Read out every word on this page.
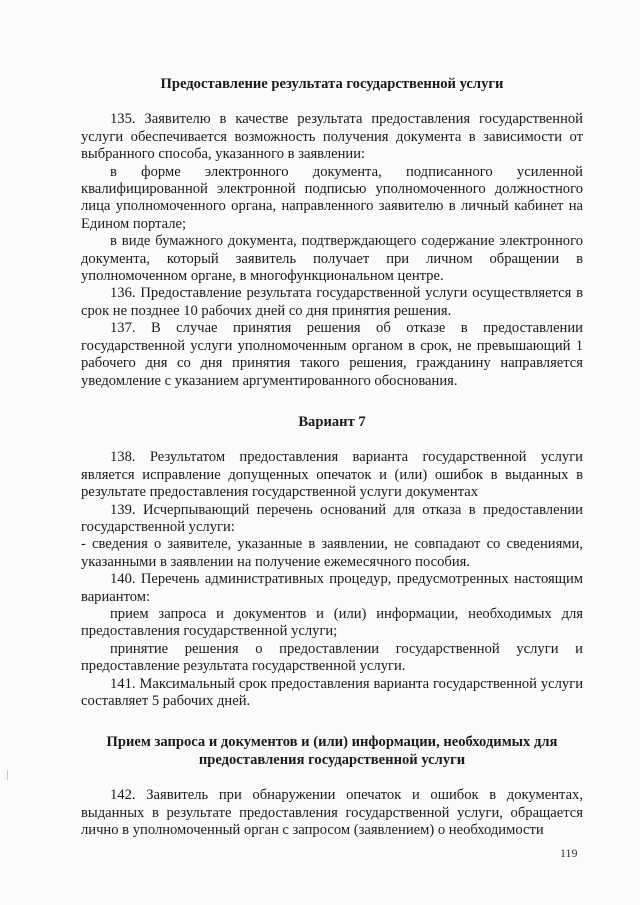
Предоставление результата государственной услуги

135. Заявителю в качестве результата предоставления государственной услуги обеспечивается возможность получения документа в зависимости от выбранного способа, указанного в заявлении:

в форме электронного документа, подписанного усиленной квалифицированной электронной подписью уполномоченного должностного лица уполномоченного органа, направленного заявителю в личный кабинет на Едином портале;

в виде бумажного документа, подтверждающего содержание электронного документа, который заявитель получает при личном обращении в уполномоченном органе, в многофункциональном центре.

136. Предоставление результата государственной услуги осуществляется в срок не позднее 10 рабочих дней со дня принятия решения.

137. В случае принятия решения об отказе в предоставлении государственной услуги уполномоченным органом в срок, не превышающий 1 рабочего дня со дня принятия такого решения, гражданину направляется уведомление с указанием аргументированного обоснования.

Вариант 7

138. Результатом предоставления варианта государственной услуги является исправление допущенных опечаток и (или) ошибок в выданных в результате предоставления государственной услуги документах

139. Исчерпывающий перечень оснований для отказа в предоставлении государственной услуги:

- сведения о заявителе, указанные в заявлении, не совпадают со сведениями, указанными в заявлении на получение ежемесячного пособия.

140. Перечень административных процедур, предусмотренных настоящим вариантом:

прием запроса и документов и (или) информации, необходимых для предоставления государственной услуги;

принятие решения о предоставлении государственной услуги и предоставление результата государственной услуги.

141. Максимальный срок предоставления варианта государственной услуги составляет 5 рабочих дней.

Прием запроса и документов и (или) информации, необходимых для
предоставления государственной услуги

142. Заявитель при обнаружении опечаток и ошибок в документах, выданных в результате предоставления государственной услуги, обращается лично в уполномоченный орган с запросом (заявлением) о необходимости

119
